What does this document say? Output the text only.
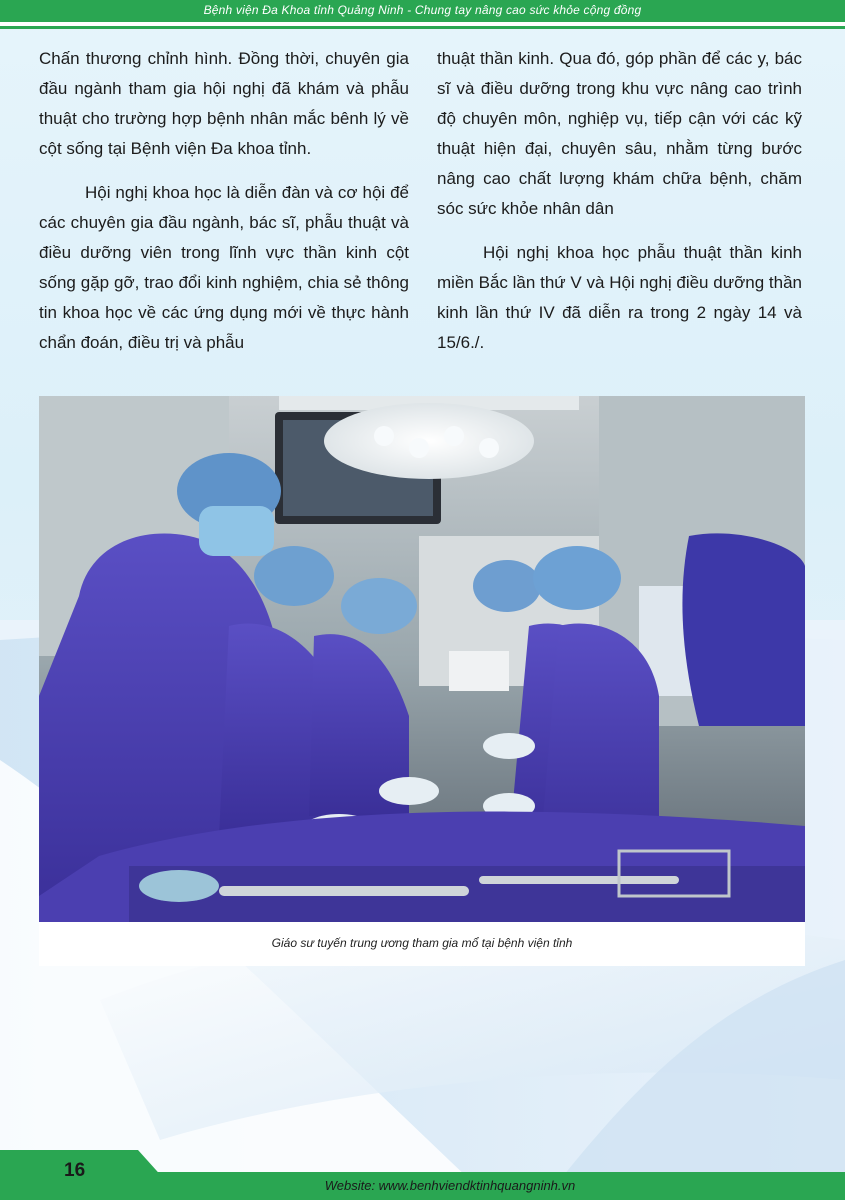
Bệnh viện Đa Khoa tỉnh Quảng Ninh - Chung tay nâng cao sức khỏe cộng đồng

Chấn thương chỉnh hình. Đồng thời, chuyên gia đầu ngành tham gia hội nghị đã khám và phẫu thuật cho trường hợp bệnh nhân mắc bênh lý về cột sống tại Bệnh viện Đa khoa tỉnh.

Hội nghị khoa học là diễn đàn và cơ hội để các chuyên gia đầu ngành, bác sĩ, phẫu thuật và điều dưỡng viên trong lĩnh vực thần kinh cột sống gặp gỡ, trao đổi kinh nghiệm, chia sẻ thông tin khoa học về các ứng dụng mới về thực hành chẩn đoán, điều trị và phẫu

thuật thần kinh. Qua đó, góp phần để các y, bác sĩ và điều dưỡng trong khu vực nâng cao trình độ chuyên môn, nghiệp vụ, tiếp cận với các kỹ thuật hiện đại, chuyên sâu, nhằm từng bước nâng cao chất lượng khám chữa bệnh, chăm sóc sức khỏe nhân dân

Hội nghị khoa học phẫu thuật thần kinh miền Bắc lần thứ V và Hội nghị điều dưỡng thần kinh lần thứ IV đã diễn ra trong 2 ngày 14 và 15/6./.

Giáo sư tuyến trung ương tham gia mổ tại bệnh viện tỉnh
16
Website: www.benhviendktinhquangninh.vn
